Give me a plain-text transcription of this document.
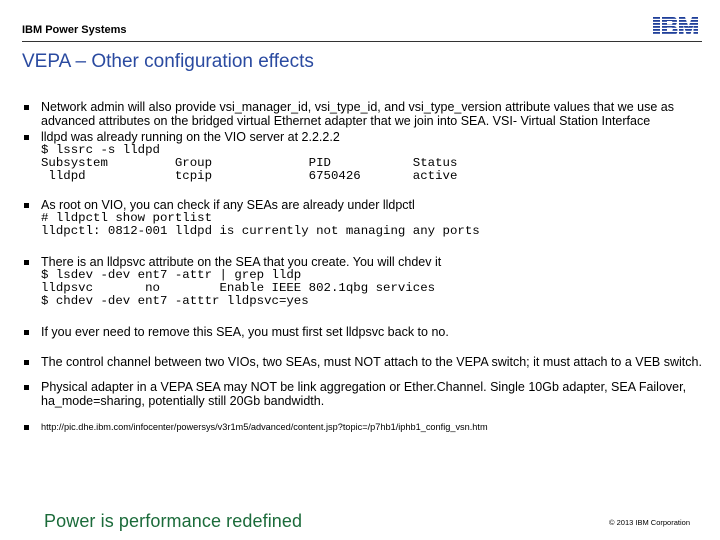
IBM Power Systems
VEPA – Other configuration effects
Network admin will also provide vsi_manager_id, vsi_type_id, and vsi_type_version attribute values that we use as advanced attributes on the bridged virtual Ethernet adapter that we join into SEA. VSI- Virtual Station Interface
lldpd was already running on the VIO server at 2.2.2.2
$ lssrc -s lldpd
Subsystem         Group             PID           Status
lldpd            tcpip             6750426       active
As root on VIO, you can check if any SEAs are already under lldpctl
# lldpctl show portlist
lldpctl: 0812-001 lldpd is currently not managing any ports
There is an lldpsvc attribute on the SEA that you create. You will chdev it
$ lsdev -dev ent7 -attr | grep lldp
lldpsvc       no        Enable IEEE 802.1qbg services
$ chdev -dev ent7 -atttr lldpsvc=yes
If you ever need to remove this SEA, you must first set lldpsvc back to no.
The control channel between two VIOs, two SEAs, must NOT attach to the VEPA switch; it must attach to a VEB switch.
Physical adapter in a VEPA SEA may NOT be link aggregation or Ether.Channel. Single 10Gb adapter, SEA Failover, ha_mode=sharing, potentially still 20Gb bandwidth.
http://pic.dhe.ibm.com/infocenter/powersys/v3r1m5/advanced/content.jsp?topic=/p7hb1/iphb1_config_vsn.htm
Power is performance redefined	© 2013 IBM Corporation
